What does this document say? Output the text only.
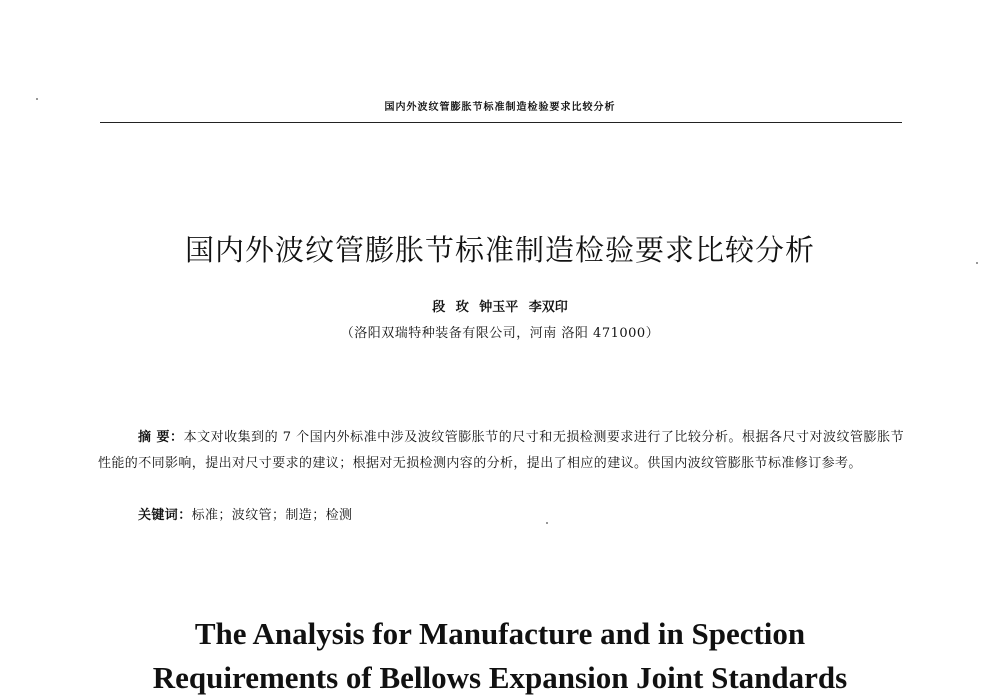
国内外波纹管膨胀节标准制造检验要求比较分析
国内外波纹管膨胀节标准制造检验要求比较分析
段 玫 钟玉平 李双印
（洛阳双瑞特种装备有限公司，河南 洛阳 471000）
摘 要：本文对收集到的 7 个国内外标准中涉及波纹管膨胀节的尺寸和无损检测要求进行了比较分析。根据各尺寸对波纹管膨胀节性能的不同影响，提出对尺寸要求的建议；根据对无损检测内容的分析，提出了相应的建议。供国内波纹管膨胀节标准修订参考。
关键词：标准；波纹管；制造；检测
The Analysis for Manufacture and in Spection
Requirements of Bellows Expansion Joint Standards
